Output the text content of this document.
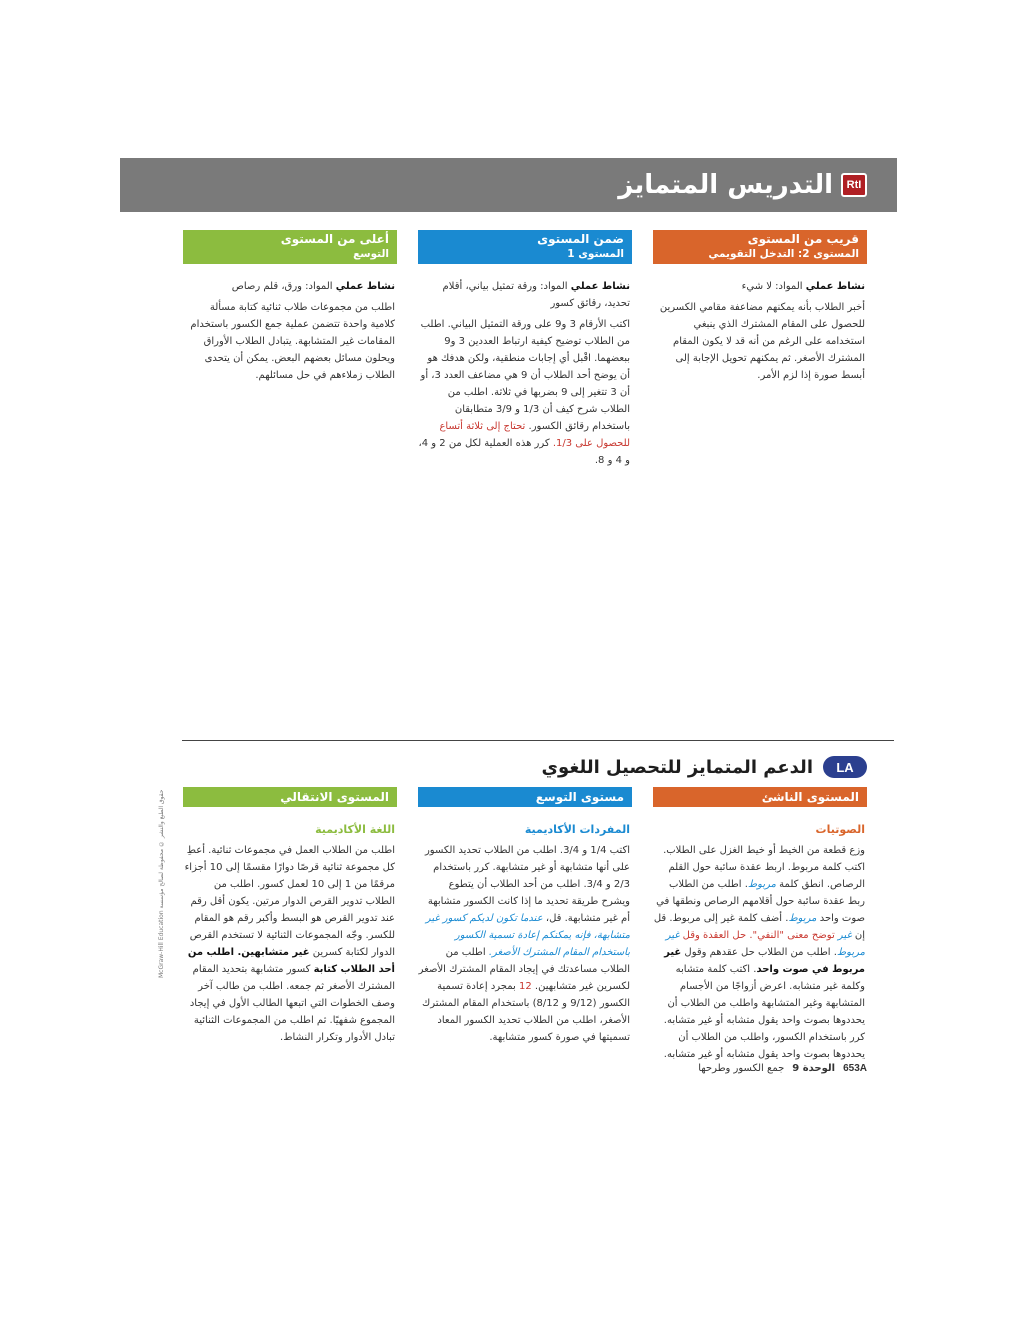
RtI
التدريس المتمايز
قريب من المستوى
المستوى 2: التدخل التقويمي الإستراتيجي
نشاط عملي المواد: لا شيء
أخبر الطلاب بأنه يمكنهم مضاعفة مقامي الكسرين للحصول على المقام المشترك الذي ينبغي استخدامه على الرغم من أنه قد لا يكون المقام المشترك الأصغر. ثم يمكنهم تحويل الإجابة إلى أبسط صورة إذا لزم الأمر.
ضمن المستوى
المستوى 1
نشاط عملي المواد: ورقة تمثيل بياني، أقلام تحديد، رقائق كسور
اكتب الأرقام 3 و9 على ورقة التمثيل البياني. اطلب من الطلاب توضيح كيفية ارتباط العددين 3 و9 ببعضهما. اقْبل أي إجابات منطقية، ولكن هدفك هو أن يوضح أحد الطلاب أن 9 هي مضاعف العدد 3، أو أن 3 تتغير إلى 9 بضربها في ثلاثة. اطلب من الطلاب شرح كيف أن 1/3 و 3/9 متطابقان باستخدام رقائق الكسور. تحتاج إلى ثلاثة أتساع للحصول على 1/3. كرر هذه العملية لكل من 2 و 4، و 4 و 8.
أعلى من المستوى
التوسع
نشاط عملي المواد: ورق، قلم رصاص
اطلب من مجموعات طلاب ثنائية كتابة مسألة كلامية واحدة تتضمن عملية جمع الكسور باستخدام المقامات غير المتشابهة. يتبادل الطلاب الأوراق ويحلون مسائل بعضهم البعض. يمكن أن يتحدى الطلاب زملاءهم في حل مسائلهم.
LA
الدعم المتمايز للتحصيل اللغوي
المستوى الناشئ
الصوتيات
وزع قطعة من الخيط أو خيط الغزل على الطلاب. اكتب كلمة مربوط. اربط عقدة سائبة حول القلم الرصاص. انطق كلمة مربوط. اطلب من الطلاب ربط عقدة سائبة حول أقلامهم الرصاص ونطقها في صوت واحد مربوط. أضف كلمة غير إلى مربوط. قل إن غير توضح معنى "النفي". حل العقدة وقل غير مربوط. اطلب من الطلاب حل عقدهم وقول غير مربوط في صوت واحد. اكتب كلمة متشابه وكلمة غير متشابه. اعرض أزواجًا من الأجسام المتشابهة وغير المتشابهة واطلب من الطلاب أن يحددوها بصوت واحد يقول متشابه أو غير متشابه. كرر باستخدام الكسور، واطلب من الطلاب أن يحددوها بصوت واحد يقول متشابه أو غير متشابه.
مستوى التوسع
المفردات الأكاديمية
اكتب 1/4 و 3/4. اطلب من الطلاب تحديد الكسور على أنها متشابهة أو غير متشابهة. كرر باستخدام 2/3 و 3/4. اطلب من أحد الطلاب أن يتطوع ويشرح طريقة تحديد ما إذا كانت الكسور متشابهة أم غير متشابهة. قل، عندما تكون لديكم كسور غير متشابهة، فإنه يمكنكم إعادة تسمية الكسور باستخدام المقام المشترك الأصغر. اطلب من الطلاب مساعدتك في إيجاد المقام المشترك الأصغر لكسرين غير متشابهين. 12 بمجرد إعادة تسمية الكسور (9/12 و 8/12) باستخدام المقام المشترك الأصغر، اطلب من الطلاب تحديد الكسور المعاد تسميتها في صورة كسور متشابهة.
المستوى الانتقالي
اللغة الأكاديمية
اطلب من الطلاب العمل في مجموعات ثنائية. أعطِ كل مجموعة ثنائية قرصًا دوارًا مقسمًا إلى 10 أجزاء مرقمًا من 1 إلى 10 لعمل كسور. اطلب من الطلاب تدوير القرص الدوار مرتين. يكون أقل رقم عند تدوير القرص هو البسط وأكبر رقم هو المقام للكسر. وجّه المجموعات الثنائية لا تستخدم القرص الدوار لكتابة كسرين غير متشابهين. اطلب من أحد الطلاب كتابة كسور متشابهة بتحديد المقام المشترك الأصغر ثم جمعه. اطلب من طالب آخر وصف الخطوات التي اتبعها الطالب الأول في إيجاد المجموع شفهيًا. ثم اطلب من المجموعات الثنائية تبادل الأدوار وتكرار النشاط.
653A
الوحدة 9
جمع الكسور وطرحها
حقوق الطبع والنشر © محفوظة لصالح مؤسسة McGraw-Hill Education
